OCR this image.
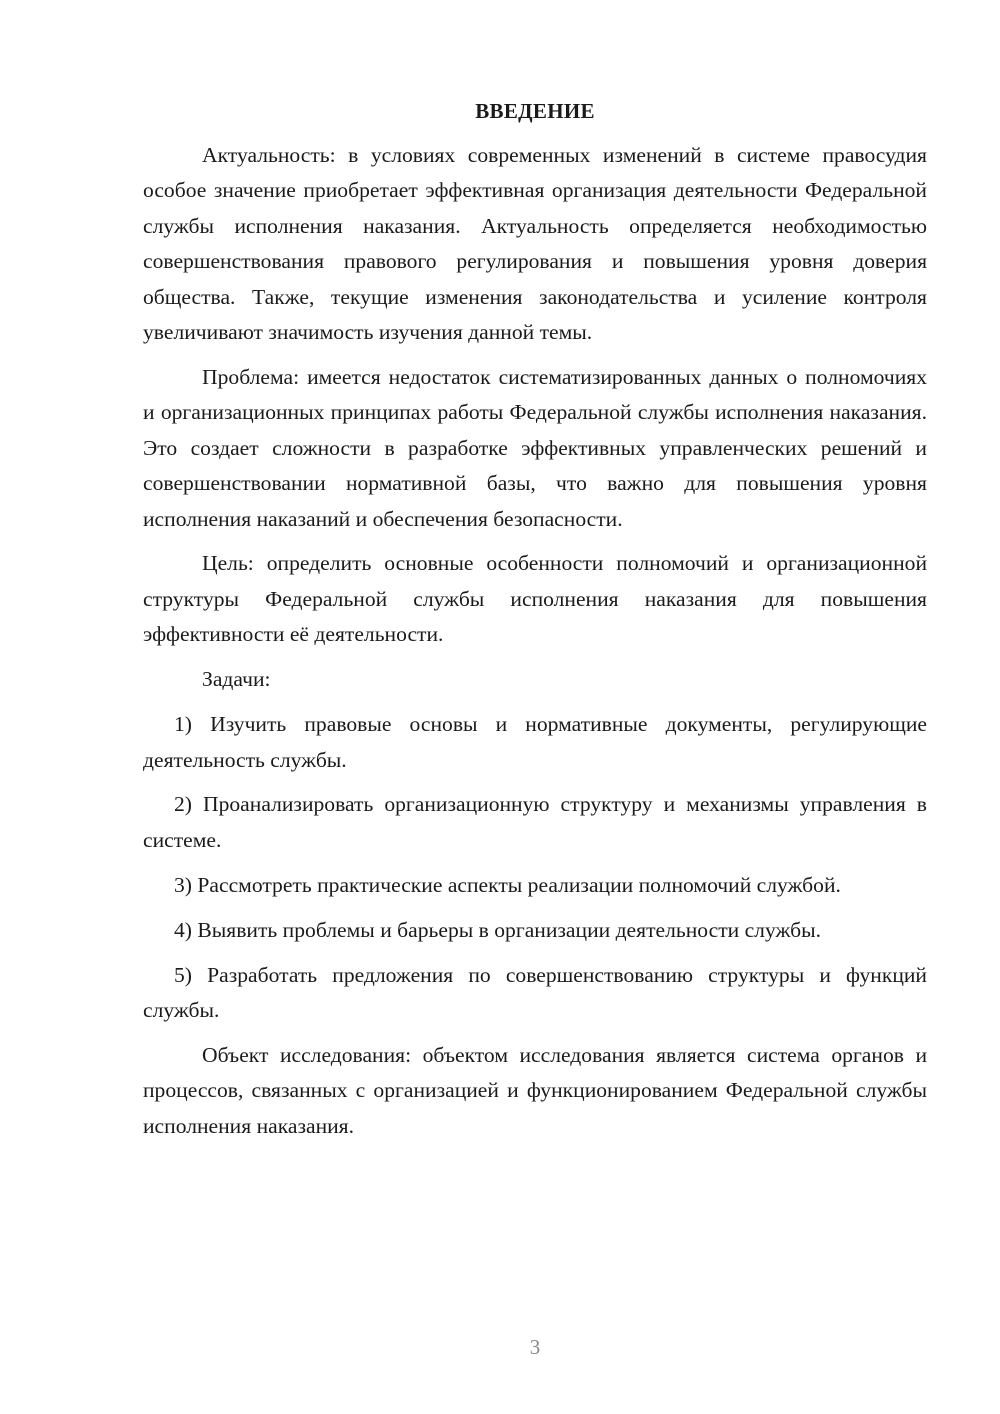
ВВЕДЕНИЕ

Актуальность: в условиях современных изменений в системе правосудия особое значение приобретает эффективная организация деятельности Федеральной службы исполнения наказания. Актуальность определяется необходимостью совершенствования правового регулирования и повышения уровня доверия общества. Также, текущие изменения законодательства и усиление контроля увеличивают значимость изучения данной темы.

Проблема: имеется недостаток систематизированных данных о полномочиях и организационных принципах работы Федеральной службы исполнения наказания. Это создает сложности в разработке эффективных управленческих решений и совершенствовании нормативной базы, что важно для повышения уровня исполнения наказаний и обеспечения безопасности.

Цель: определить основные особенности полномочий и организационной структуры Федеральной службы исполнения наказания для повышения эффективности её деятельности.

Задачи:

1) Изучить правовые основы и нормативные документы, регулирующие деятельность службы.

2) Проанализировать организационную структуру и механизмы управления в системе.

3) Рассмотреть практические аспекты реализации полномочий службой.

4) Выявить проблемы и барьеры в организации деятельности службы.

5) Разработать предложения по совершенствованию структуры и функций службы.

Объект исследования: объектом исследования является система органов и процессов, связанных с организацией и функционированием Федеральной службы исполнения наказания.

3
